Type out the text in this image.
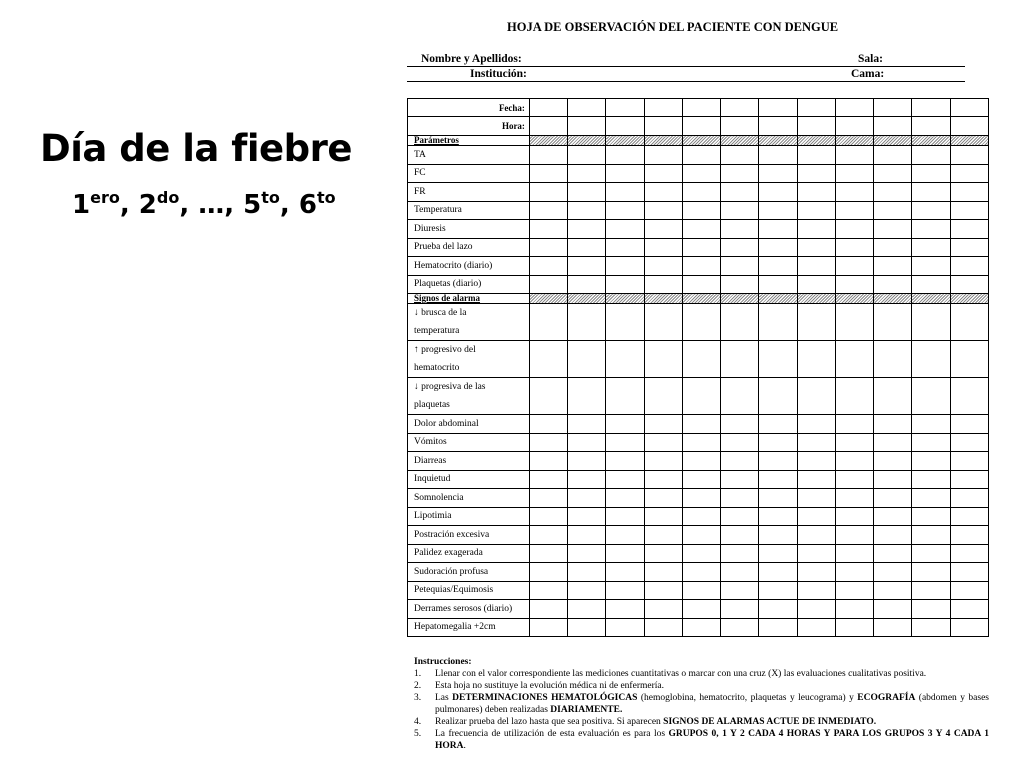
Día de la fiebre
$1^{ero}$, $2^{do}$, …, $5^{to}$, $6^{to}$
HOJA DE OBSERVACIÓN DEL PACIENTE CON DENGUE
Nombre y Apellidos:	Sala:
Institución:	Cama:
Fecha:												
Hora:												
Parámetros												
TA												
FC												
FR												
Temperatura												
Diuresis												
Prueba del lazo												
Hematocrito (diario)												
Plaquetas (diario)												
Signos de alarma												

↓ brusca de la
temperatura												

↑ progresivo del
hematocrito												

↓ progresiva de las
plaquetas												

Dolor abdominal												
Vómitos												
Diarreas												
Inquietud												
Somnolencia												
Lipotimia												
Postración excesiva												
Palidez exagerada												
Sudoración profusa												
Petequias/Equimosis												
Derrames serosos (diario)												
Hepatomegalia +2cm												
Instrucciones:
1. Llenar con el valor correspondiente las mediciones cuantitativas o marcar con una cruz (X) las evaluaciones cualitativas positiva.
2. Esta hoja no sustituye la evolución médica ni de enfermería.
3. Las DETERMINACIONES HEMATOLÓGICAS (hemoglobina, hematocrito, plaquetas y leucograma) y ECOGRAFÍA (abdomen y bases pulmonares) deben realizadas DIARIAMENTE.
4. Realizar prueba del lazo hasta que sea positiva. Si aparecen SIGNOS DE ALARMAS ACTUE DE INMEDIATO.
5. La frecuencia de utilización de esta evaluación es para los GRUPOS 0, 1 Y 2 CADA 4 HORAS Y PARA LOS GRUPOS 3 Y 4 CADA 1 HORA.
